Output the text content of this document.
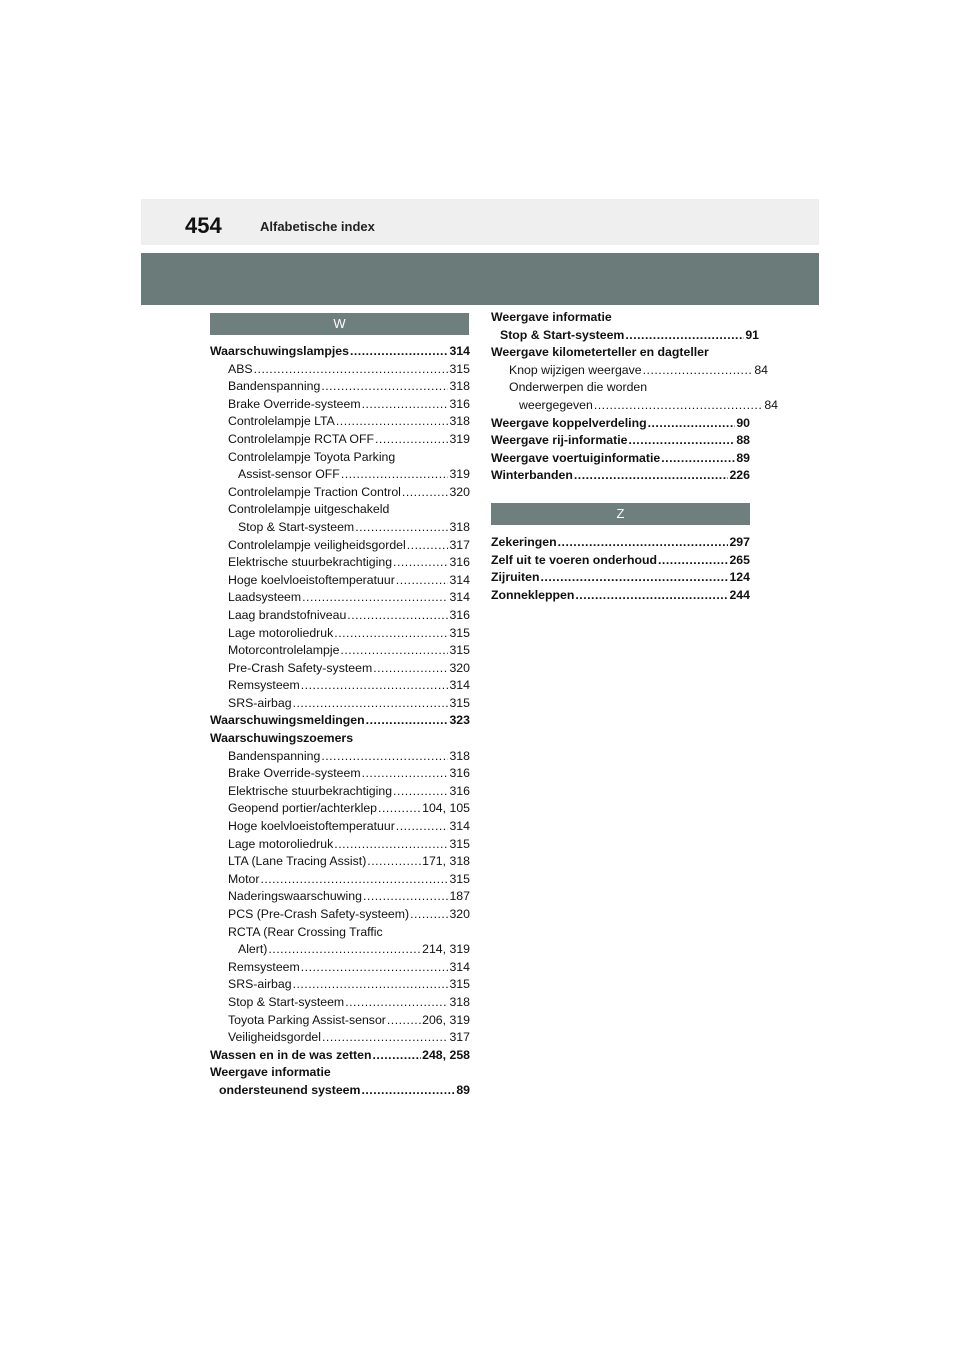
454	Alfabetische index
W
Waarschuwingslampjes .....	314
ABS .....	315
Bandenspanning .....	318
Brake Override-systeem .....	316
Controlelampje LTA .....	318
Controlelampje RCTA OFF .....	319
Controlelampje Toyota Parking
Assist-sensor OFF .....	319
Controlelampje Traction Control .....	320
Controlelampje uitgeschakeld
Stop & Start-systeem .....	318
Controlelampje veiligheidsgordel .....	317
Elektrische stuurbekrachtiging .....	316
Hoge koelvloeistoftemperatuur .....	314
Laadsysteem .....	314
Laag brandstofniveau .....	316
Lage motoroliedruk .....	315
Motorcontrolelampje .....	315
Pre-Crash Safety-systeem .....	320
Remsysteem .....	314
SRS-airbag .....	315
Waarschuwingsmeldingen .....	323
Waarschuwingszoemers
Bandenspanning .....	318
Brake Override-systeem .....	316
Elektrische stuurbekrachtiging .....	316
Geopend portier/achterklep .....	104, 105
Hoge koelvloeistoftemperatuur .....	314
Lage motoroliedruk .....	315
LTA (Lane Tracing Assist) .....	171, 318
Motor .....	315
Naderingswaarschuwing .....	187
PCS (Pre-Crash Safety-systeem) .....	320
RCTA (Rear Crossing Traffic
Alert) .....	214, 319
Remsysteem .....	314
SRS-airbag .....	315
Stop & Start-systeem .....	318
Toyota Parking Assist-sensor .....	206, 319
Veiligheidsgordel .....	317
Wassen en in de was zetten .....	248, 258
Weergave informatie
ondersteunend systeem .....	89
Weergave informatie
Stop & Start-systeem .....	91
Weergave kilometerteller en dagteller
Knop wijzigen weergave .....	84
Onderwerpen die worden
weergegeven .....	84
Weergave koppelverdeling .....	90
Weergave rij-informatie .....	88
Weergave voertuiginformatie .....	89
Winterbanden .....	226
Z
Zekeringen .....	297
Zelf uit te voeren onderhoud .....	265
Zijruiten .....	124
Zonnekleppen .....	244
